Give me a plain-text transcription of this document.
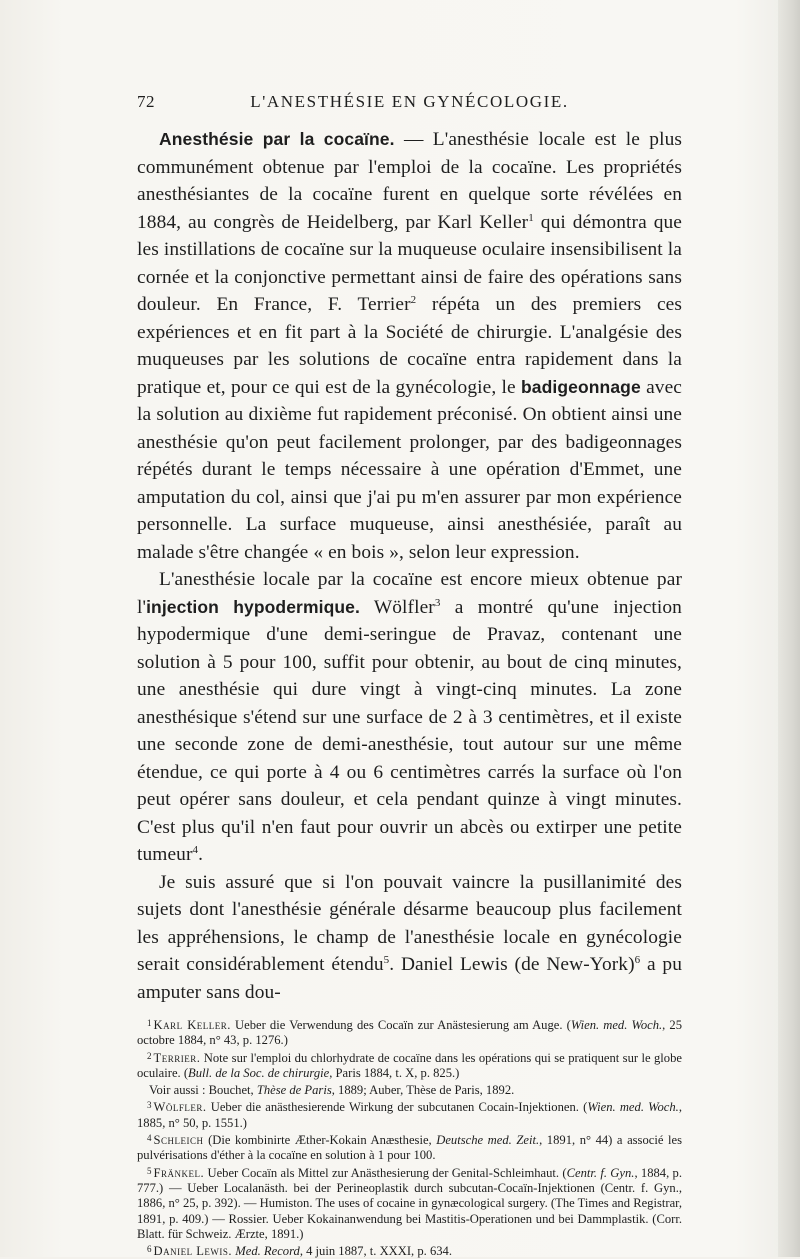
72	L'ANESTHÉSIE EN GYNÉCOLOGIE.

Anesthésie par la cocaïne. — L'anesthésie locale est le plus communément obtenue par l'emploi de la cocaïne. Les propriétés anesthésiantes de la cocaïne furent en quelque sorte révélées en 1884, au congrès de Heidelberg, par Karl Keller$^1$ qui démontra que les instillations de cocaïne sur la muqueuse oculaire insensibilisent la cornée et la conjonctive permettant ainsi de faire des opérations sans douleur. En France, F. Terrier$^2$ répéta un des premiers ces expériences et en fit part à la Société de chirurgie. L'analgésie des muqueuses par les solutions de cocaïne entra rapidement dans la pratique et, pour ce qui est de la gynécologie, le badigeonnage avec la solution au dixième fut rapidement préconisé. On obtient ainsi une anesthésie qu'on peut facilement prolonger, par des badigeonnages répétés durant le temps nécessaire à une opération d'Emmet, une amputation du col, ainsi que j'ai pu m'en assurer par mon expérience personnelle. La surface muqueuse, ainsi anesthésiée, paraît au malade s'être changée « en bois », selon leur expression.

L'anesthésie locale par la cocaïne est encore mieux obtenue par l'injection hypodermique. Wölfler$^3$ a montré qu'une injection hypodermique d'une demi-seringue de Pravaz, contenant une solution à 5 pour 100, suffit pour obtenir, au bout de cinq minutes, une anesthésie qui dure vingt à vingt-cinq minutes. La zone anesthésique s'étend sur une surface de 2 à 3 centimètres, et il existe une seconde zone de demi-anesthésie, tout autour sur une même étendue, ce qui porte à 4 ou 6 centimètres carrés la surface où l'on peut opérer sans douleur, et cela pendant quinze à vingt minutes. C'est plus qu'il n'en faut pour ouvrir un abcès ou extirper une petite tumeur$^4$.

Je suis assuré que si l'on pouvait vaincre la pusillanimité des sujets dont l'anesthésie générale désarme beaucoup plus facilement les appréhensions, le champ de l'anesthésie locale en gynécologie serait considérablement étendu$^5$. Daniel Lewis (de New-York)$^6$ a pu amputer sans dou-

$^1$ Karl Keller. Ueber die Verwendung des Cocaïn zur Anästesierung am Auge. (Wien. med. Woch., 25 octobre 1884, n° 43, p. 1276.)

$^2$ Terrier. Note sur l'emploi du chlorhydrate de cocaïne dans les opérations qui se pratiquent sur le globe oculaire. (Bull. de la Soc. de chirurgie, Paris 1884, t. X, p. 825.)

Voir aussi : Bouchet, Thèse de Paris, 1889; Auber, Thèse de Paris, 1892.

$^3$ Wölfler. Ueber die anästhesierende Wirkung der subcutanen Cocain-Injektionen. (Wien. med. Woch., 1885, n° 50, p. 1551.)

$^4$ Schleich (Die kombinirte Æther-Kokain Anæsthesie, Deutsche med. Zeit., 1891, n° 44) a associé les pulvérisations d'éther à la cocaïne en solution à 1 pour 100.

$^5$ Fränkel. Ueber Cocaïn als Mittel zur Anästhesierung der Genital-Schleimhaut. (Centr. f. Gyn., 1884, p. 777.) — Ueber Localanästh. bei der Perineoplastik durch subcutan-Cocaïn-Injektionen (Centr. f. Gyn., 1886, n° 25, p. 392). — Humiston. The uses of cocaine in gynæcological surgery. (The Times and Registrar, 1891, p. 409.) — Rossier. Ueber Kokainanwendung bei Mastitis-Operationen und bei Dammplastik. (Corr. Blatt. für Schweiz. Ærzte, 1891.)

$^6$ Daniel Lewis. Med. Record, 4 juin 1887, t. XXXI, p. 634.
